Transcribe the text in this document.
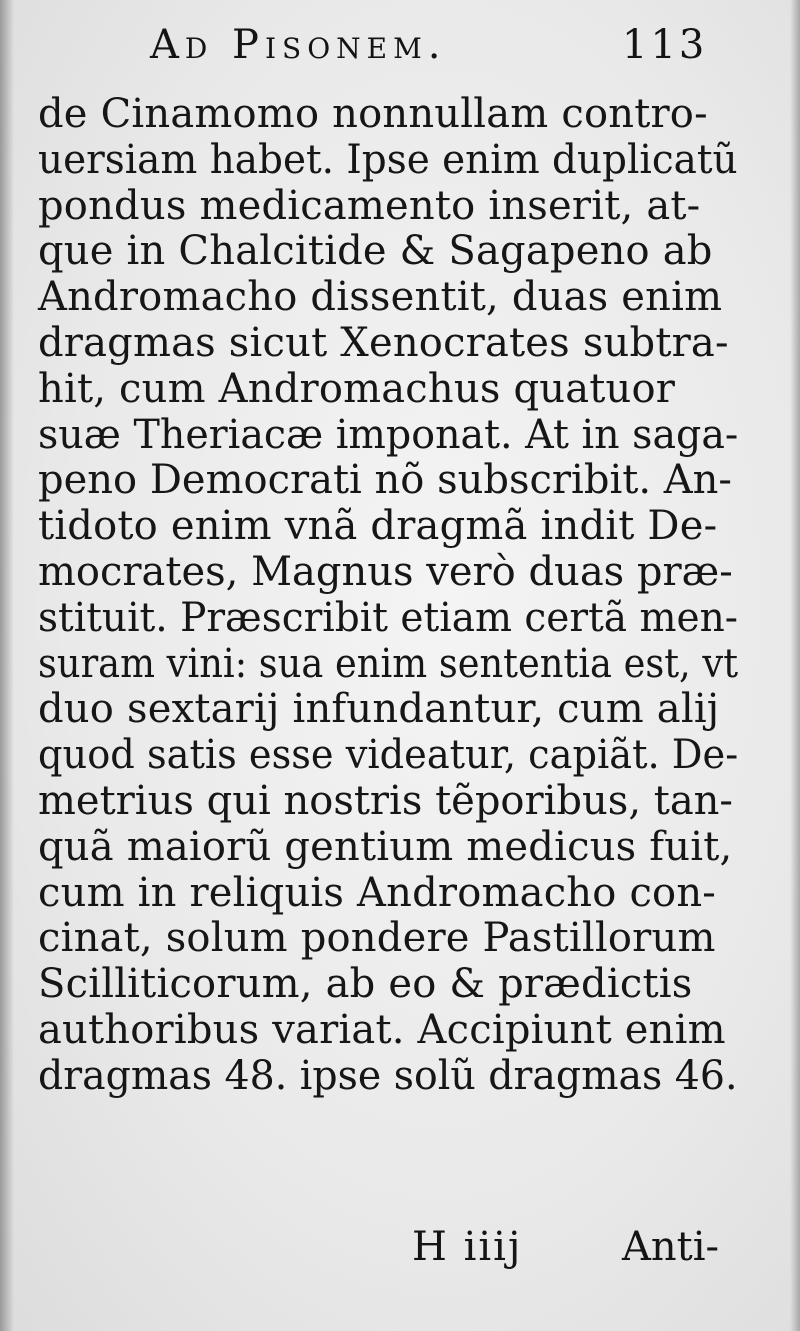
Ad Pisonem.	113
de Cinamomo nonnullam contro-
uersiam habet. Ipse enim duplicatũ
pondus medicamento inserit, at-
que in Chalcitide & Sagapeno ab
Andromacho dissentit, duas enim
dragmas sicut Xenocrates subtra-
hit, cum Andromachus quatuor
suæ Theriacæ imponat. At in saga-
peno Democrati nõ subscribit. An-
tidoto enim vnã dragmã indit De-
mocrates, Magnus verò duas præ-
stituit. Præscribit etiam certã men-
suram vini: sua enim sententia est, vt
duo sextarij infundantur, cum alij
quod satis esse videatur, capiãt. De-
metrius qui nostris tẽporibus, tan-
quã maiorũ gentium medicus fuit,
cum in reliquis Andromacho con-
cinat, solum pondere Pastillorum
Scilliticorum, ab eo & prædictis
authoribus variat. Accipiunt enim
dragmas 48. ipse solũ dragmas 46.
H iiij Anti-
